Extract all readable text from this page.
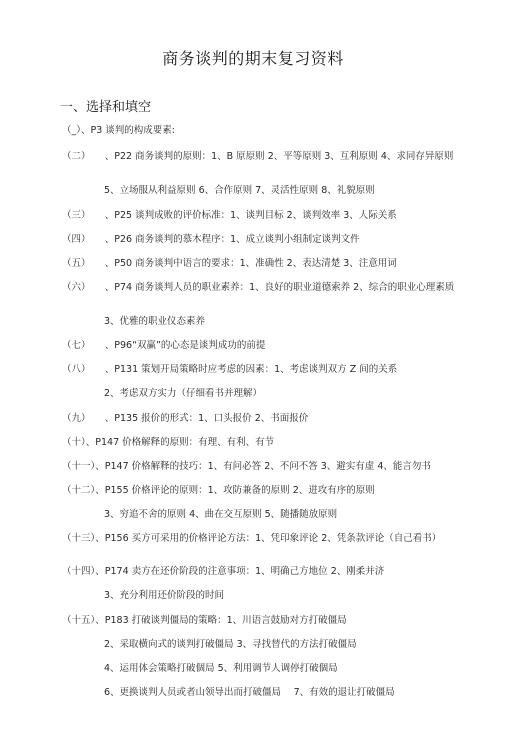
商务谈判的期末复习资料
一、选择和填空
（_）、P3 谈判的构成要素:
（二）　　、P22 商务谈判的原则：1、B 原原则 2、平等原则 3、互利原则 4、求同存异原则
5、立场服从利益原则 6、合作原则 7、灵活性原则 8、礼貌原则
（三）　　、P25 谈判成败的评价标准：1、谈判目标 2、谈判效率 3、人际关系
（四）　　、P26 商务谈判的慕木程序：1、成立谈判小组制定谈判文件
（五）　　、P50 商务谈判中语言的要求：1、准确性 2、表达清楚 3、注意用词
（六）　　、P74 商务谈判人员的职业素养：1、良好的职业道德索养 2、综合的职业心理素质
3、优雅的职业仪态素养
（七）　　、P96“双赢”的心态是谈判成功的前提
（八）　　、P131 策划开局策略时应考虑的因素：1、考虑谈判双方 Z 间的关系
2、考虑双方实力（仔细看书并理解）
（九）　　、P135 报价的形式：1、口头报价 2、书面报价
（十）、P147 价格解释的原则：有理、有利、有节
（十一）、P147 价格解释的技巧：1、有问必答 2、不问不答 3、避实有虚 4、能言勿书
（十二）、P155 价格评论的原则：1、攻防兼备的原则 2、进攻有序的原则
3、穷追不舍的原则 4、曲在交互原则 5、随播随放原则
（十三）、P156 买方可采用的价格评论方法：1、凭印象评论 2、凭条款评论（自己看书）
（十四）、P174 卖方在还价阶段的注意事项：1、明确己方地位 2、刚柔并济
3、充分利用还价阶段的时间
（十五）、P183 打破谈判僵局的策略：1、川语言鼓励对方打破僵局
2、采取横向式的谈判打破僵局 3、寻找替代的方法打破僵局
4、运用体会策略打破個局 5、利用调节人调停打破個局
6、更换谈判人员或者山领导出而打破僵局　 7、有效的退让打破僵局
